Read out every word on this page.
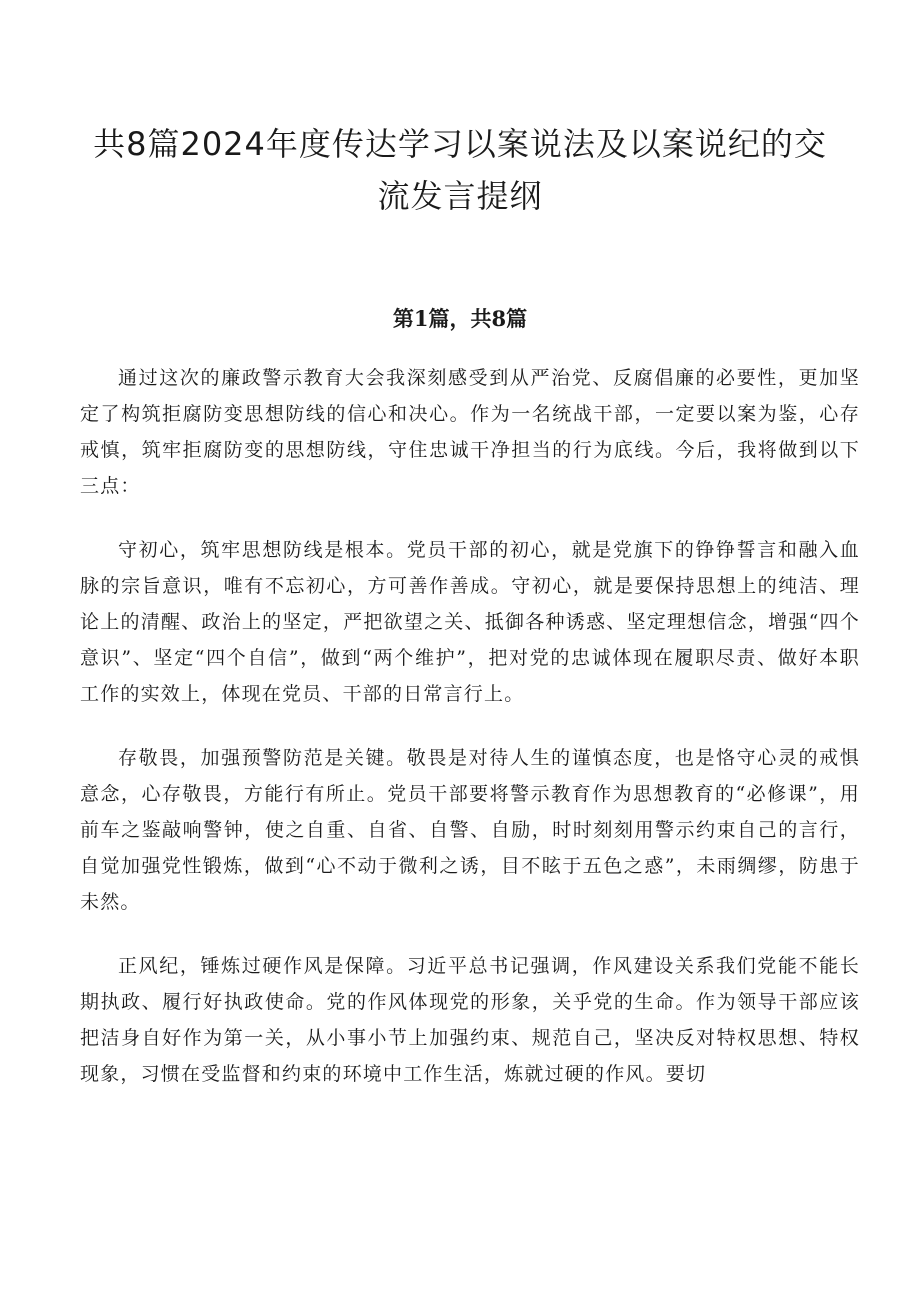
共8篇2024年度传达学习以案说法及以案说纪的交流发言提纲
第1篇，共8篇

通过这次的廉政警示教育大会我深刻感受到从严治党、反腐倡廉的必要性，更加坚定了构筑拒腐防变思想防线的信心和决心。作为一名统战干部，一定要以案为鉴，心存戒慎，筑牢拒腐防变的思想防线，守住忠诚干净担当的行为底线。今后，我将做到以下三点：

守初心，筑牢思想防线是根本。党员干部的初心，就是党旗下的铮铮誓言和融入血脉的宗旨意识，唯有不忘初心，方可善作善成。守初心，就是要保持思想上的纯洁、理论上的清醒、政治上的坚定，严把欲望之关、抵御各种诱惑、坚定理想信念，增强“四个意识”、坚定“四个自信”，做到“两个维护”，把对党的忠诚体现在履职尽责、做好本职工作的实效上，体现在党员、干部的日常言行上。

存敬畏，加强预警防范是关键。敬畏是对待人生的谨慎态度，也是恪守心灵的戒惧意念，心存敬畏，方能行有所止。党员干部要将警示教育作为思想教育的“必修课”，用前车之鉴敲响警钟，使之自重、自省、自警、自励，时时刻刻用警示约束自己的言行，自觉加强党性锻炼，做到“心不动于微利之诱，目不眩于五色之惑”，未雨绸缪，防患于未然。

正风纪，锤炼过硬作风是保障。习近平总书记强调，作风建设关系我们党能不能长期执政、履行好执政使命。党的作风体现党的形象，关乎党的生命。作为领导干部应该把洁身自好作为第一关，从小事小节上加强约束、规范自己，坚决反对特权思想、特权现象，习惯在受监督和约束的环境中工作生活，炼就过硬的作风。要切
